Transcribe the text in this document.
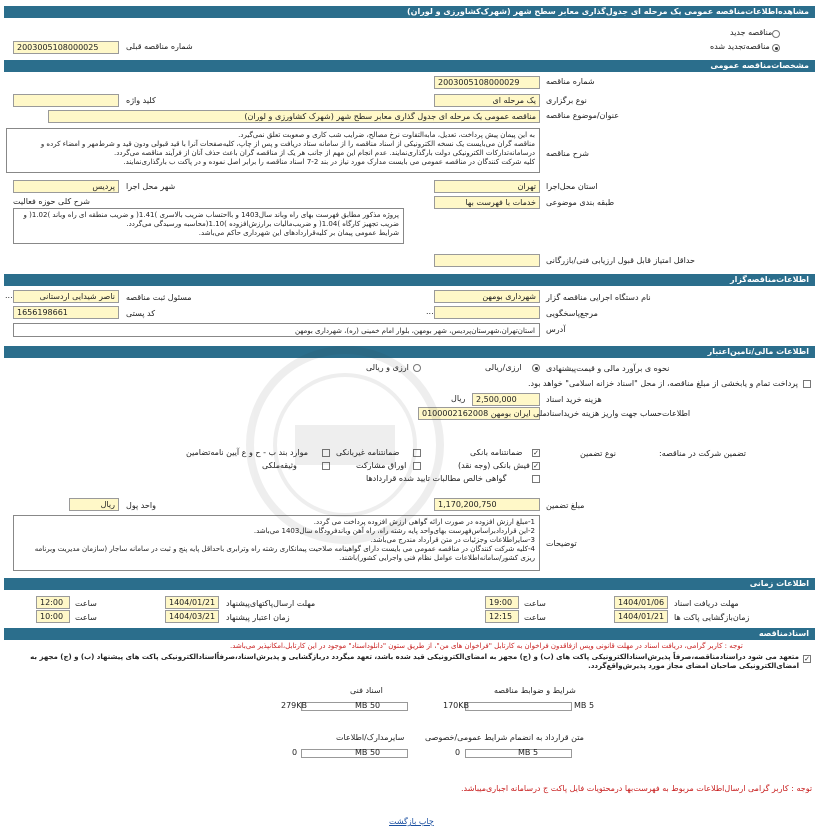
مشاهده‌اطلاعات‌مناقصه عمومی یک مرحله ای جدول‌گذاری معابر سطح شهر (شهرک‌کشاورزی و لوران)
مناقصه جدید
مناقصه‌تجدید شده
2003005108000025	شماره مناقصه قبلی
مشخصات‌مناقصه عمومی
2003005108000029	شماره مناقصه
یک مرحله ای	نوع برگزاری
کلید واژه
مناقصه عمومی یک مرحله ای جدول گذاری معابر سطح شهر (شهرک کشاورزی و لوران)	عنوان/موضوع مناقصه
به این پیمان پیش پرداخت، تعدیل، مابه‌التفاوت نرخ مصالح، ضرایب شب کاری و صعوبت تعلق نمی‌گیرد.
مناقصه گران می‌بایست یک نسخه الکترونیکی از اسناد مناقصه را از سامانه ستاد دریافت و پس از چاپ، کلیه‌صفحات آنرا با قید قبولی ودون قید و شرط‌مهر و امضاء کرده و درسامانه‌تدارکات الکترونیکی دولت بارگذاری‌نمایند. عدم انجام این مهم از جانب هر یک از مناقصه گران باعث حذف آنان از فرآیند مناقصه می‌گردد.
کلیه شرکت کنندگان در مناقصه عمومی می بایست مدارک مورد نیاز در بند 2-7 اسناد مناقصه را برابر اصل نموده و در پاکت ب بارگذاری‌نمایند.
شرح مناقصه
تهران	استان محل‌اجرا
پردیس	شهر محل اجرا
خدمات با فهرست بها	طبقه بندی موضوعی
شرح کلی حوزه فعالیت
پروژه مذکور مطابق فهرست بهای راه وباند سال1403 و بااحتساب ضریب بالاسری )1.41( و ضریب منطقه ای راه وباند )1.02( و ضریب تجهیز کارگاه )1.04( و ضریب‌مالیات برارزش‌افزوده )1.10(محاسبه ورسیدگی می‌گردد.
شرایط عمومی پیمان بر کلیه‌قراردادهای این شهرداری حاکم می‌باشد.
حداقل امتیاز قابل قبول ارزیابی فنی/بازرگانی
اطلاعات‌مناقصه‌گزار
شهرداری بومهن	نام دستگاه اجرایی مناقصه گزار
ناصر شیدایی اردستانی
...	مسئول ثبت مناقصه
...	مرجع‌پاسخگویی
1656198661	کد پستی
استان‌تهران،شهرستان‌پردیس، شهر بومهن، بلوار امام خمینی (ره)، شهرداری بومهن	آدرس
اطلاعات مالی/تامین‌اعتبار
نحوه ی برآورد مالی و قیمت‌پیشنهادی
ارزی/ریالی
ارزی و ریالی
پرداخت تمام و یابخشی از مبلغ مناقصه، از محل "اسناد خزانه اسلامی" خواهد بود.
2,500,000
ریال	هزینه خرید اسناد
ملی ایران بومهن 0100002162008 اطلاعات‌حساب جهت واریز هزینه خریداسناد
تضمین شرکت در مناقصه:
نوع تضمین
✓
ضمانتنامه بانکی
ضمانتنامه غیربانکی
موارد بند ب - ح و ع آیین نامه‌تضامین
✓
فیش بانکی (وجه نقد)
اوراق مشارکت
وثیقه‌ملکی
گواهی خالص مطالبات تایید شده قراردادها
1,170,200,750	مبلغ تضمین
ریال	واحد پول
1-مبلغ ارزش افزوده در صورت ارائه گواهی ارزش افزوده پرداخت می گردد.
2-این قراردادبراساس‌فهرست بهای‌واحد پایه رشته راه، راه آهن وباندفرودگاه سال1403 می‌باشد.
3-سایراطلاعات وجزئیات در متن قرارداد مندرج می‌باشد.
4-کلیه شرکت کنندگان در مناقصه عمومی می بایست دارای گواهینامه صلاحیت پیمانکاری رشته راه وترابری باحداقل پایه پنج و ثبت در سامانه ساجار (سازمان مدیریت وبرنامه ریزی کشور/سامانه‌اطلاعات عوامل نظام فنی واجرایی کشور)باشند.
توضیحات
اطلاعات زمانی
1404/01/06	مهلت دریافت اسناد
19:00	ساعت
1404/01/21	مهلت ارسال‌پاکتهای‌پیشنهاد
12:00	ساعت
1404/01/21	زمان‌بازگشایی پاکت ها
12:15	ساعت
1404/03/21	زمان اعتبار پیشنهاد
10:00	ساعت
اسنادمناقصه
توجه : کاربر گرامی، دریافت اسناد در مهلت قانونی وپس ازفاقدون فراخوان به کارتابل "فراخوان های من"، از طریق ستون "دانلوداسناد" موجود در این کارتابل،امکانپذیر می‌باشد.
✓
متعهد می شود دراسنادمناقصه،صرفاً پذیرش‌اسنادالکترونیکی پاکت های (ب) و (ج) مجهز به امضای‌الکترونیکی قید شده باشد، تعهد میگردد دربازگشایی و پذیرش‌اسناد،صرفاً‌اسنادالکترونیکی پاکت های پیشنهاد (ب) و (ج) مجهز به امضای‌الکترونیکی صاحبان امضای مجاز مورد پذیرش‌واقع‌گردد.
شرایط و ضوابط مناقصه
170KB	5 MB
اسناد فنی
279KB	50 MB
متن قرارداد به انضمام شرایط عمومی/خصوصی
0	5 MB
سایرمدارک/اطلاعات
0	50 MB
توجه : کاربر گرامی ارسال‌اطلاعات مربوط به فهرست‌بها درمحتویات فایل پاکت ج درسامانه اجباری‌میباشد.
چاپ بازگشت
